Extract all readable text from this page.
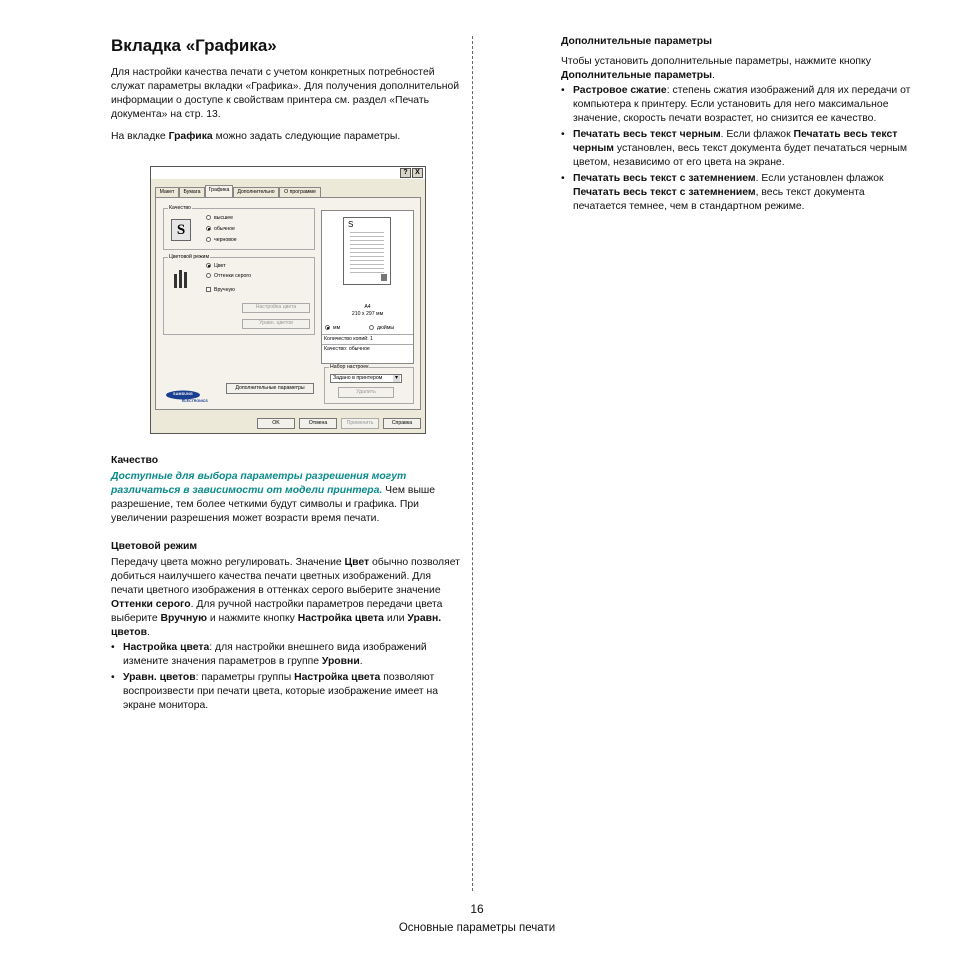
Вкладка «Графика»

Для настройки качества печати с учетом конкретных потребностей служат параметры вкладки «Графика». Для получения дополнительной информации о доступе к свойствам принтера см. раздел «Печать документа» на стр. 13.

На вкладке Графика можно задать следующие параметры.

Качество

Доступные для выбора параметры разрешения могут различаться в зависимости от модели принтера. Чем выше разрешение, тем более четкими будут символы и графика. При увеличении разрешения может возрасти время печати.

Цветовой режим

Передачу цвета можно регулировать. Значение Цвет обычно позволяет добиться наилучшего качества печати цветных изображений. Для печати цветного изображения в оттенках серого выберите значение Оттенки серого. Для ручной настройки параметров передачи цвета выберите Вручную и нажмите кнопку Настройка цвета или Уравн. цветов.

• Настройка цвета: для настройки внешнего вида изображений измените значения параметров в группе Уровни.
• Уравн. цветов: параметры группы Настройка цвета позволяют воспроизвести при печати цвета, которые изображение имеет на экране монитора.
Дополнительные параметры

Чтобы установить дополнительные параметры, нажмите кнопку Дополнительные параметры.

• Растровое сжатие: степень сжатия изображений для их передачи от компьютера к принтеру. Если установить для него максимальное значение, скорость печати возрастет, но снизится ее качество.
• Печатать весь текст черным. Если флажок Печатать весь текст черным установлен, весь текст документа будет печататься черным цветом, независимо от его цвета на экране.
• Печатать весь текст с затемнением. Если установлен флажок Печатать весь текст с затемнением, весь текст документа печатается темнее, чем в стандартном режиме.
?	X
Макет	Бумага	Графика	Дополнительно	О программе
Качество
S
высшее
обычное
черновое
Цветовой режим
Цвет
Оттенки серого
Вручную
Настройка цвета
Уравн. цветов
Дополнительные параметры
SAMSUNG
ELECTRONICS
S
A4
210 x 297 мм
мм	дюймы
Количество копий: 1
Качество: обычное
Набор настроек
Задано в принтером ▾
Удалить
OK	Отмена	Применить	Справка
16
Основные параметры печати
